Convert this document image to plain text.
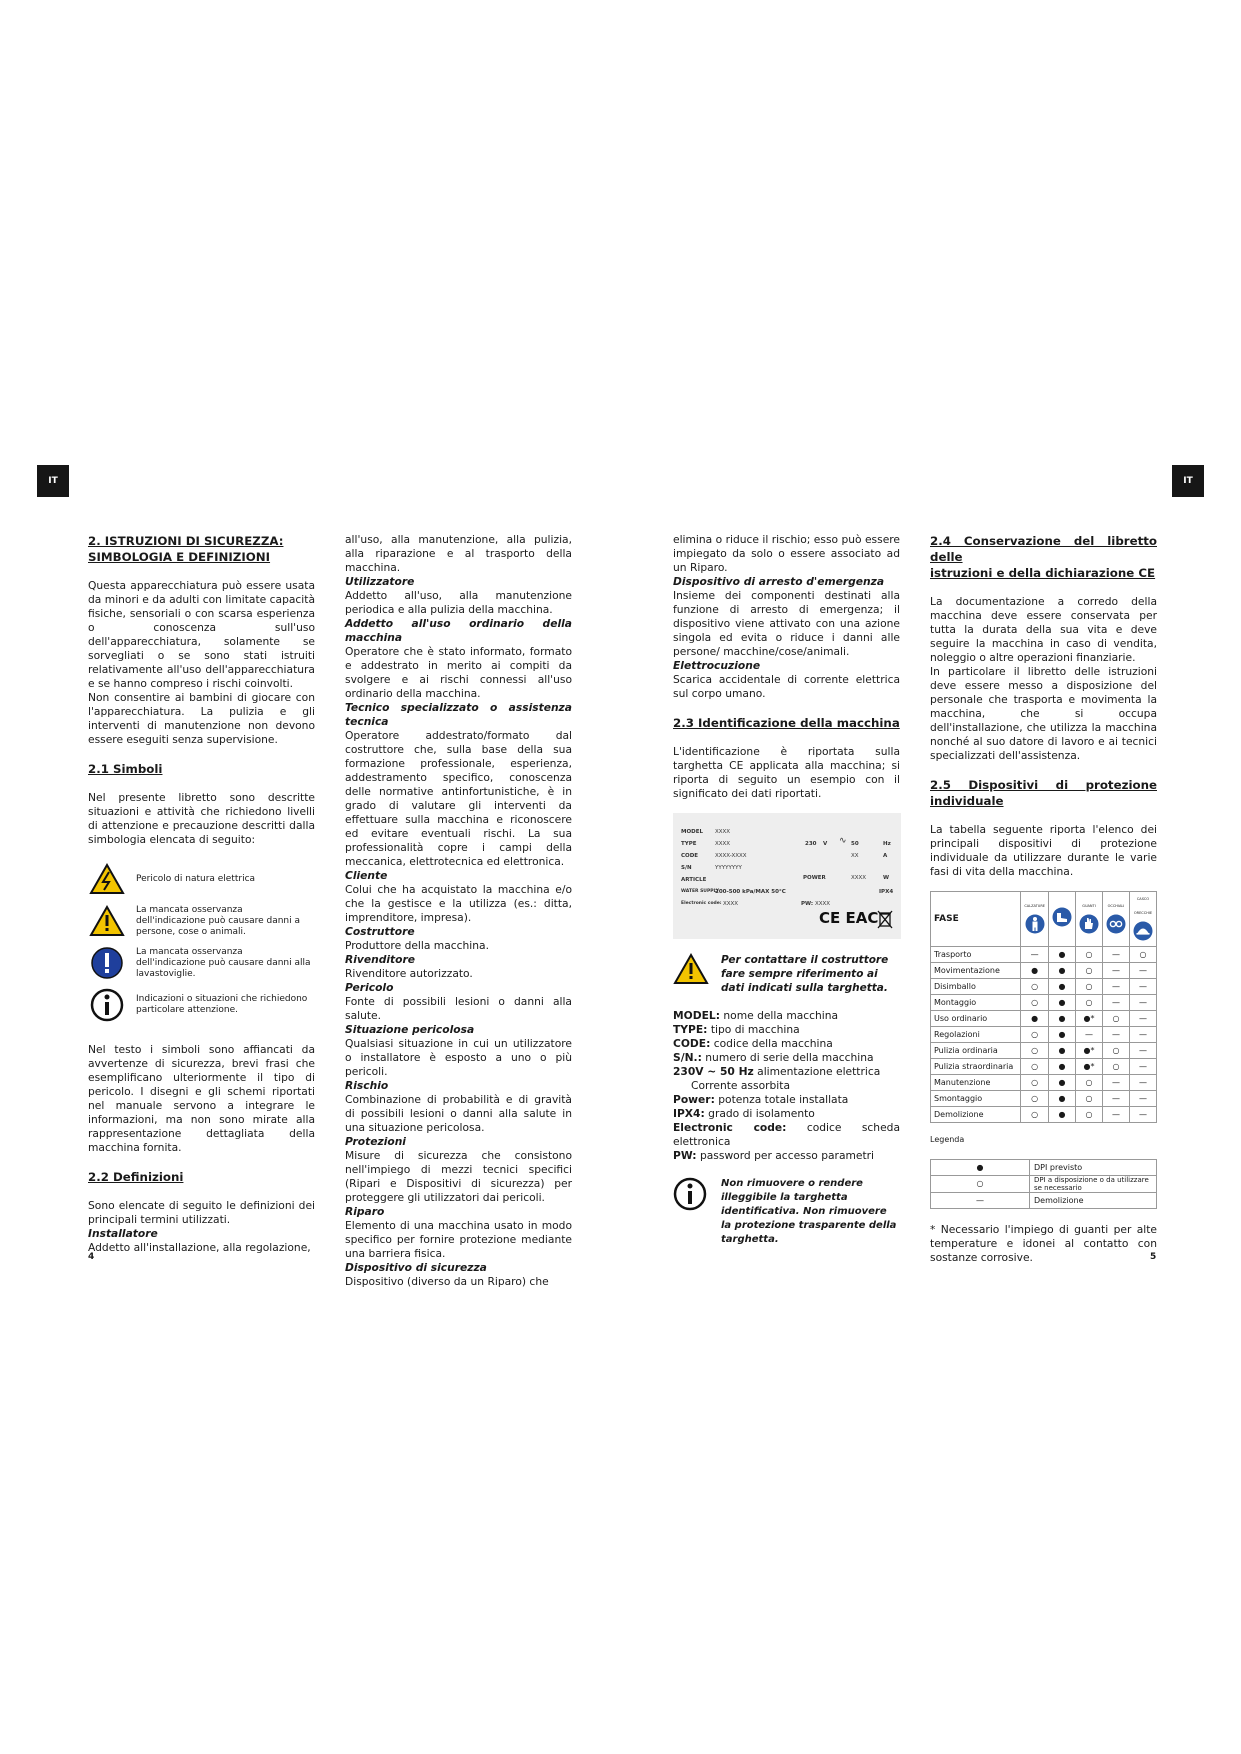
IT	IT

2. ISTRUZIONI DI SICUREZZA:

SIMBOLOGIA E DEFINIZIONI

Questa apparecchiatura può essere usata da minori e da adulti con limitate capacità fisiche, sensoriali o con scarsa esperienza o conoscenza sull'uso dell'apparecchiatura, solamente se sorvegliati o se sono stati istruiti relativamente all'uso dell'apparecchiatura e se hanno compreso i rischi coinvolti.

Non consentire ai bambini di giocare con l'apparecchiatura. La pulizia e gli interventi di manutenzione non devono essere eseguiti senza supervisione.

2.1 Simboli

Nel presente libretto sono descritte situazioni e attività che richiedono livelli di attenzione e precauzione descritti dalla simbologia elencata di seguito:

Pericolo di natura elettrica
La mancata osservanza dell'indicazione può causare danni a persone, cose o animali.
La mancata osservanza dell'indicazione può causare danni alla lavastoviglie.
Indicazioni o situazioni che richiedono particolare attenzione.

Nel testo i simboli sono affiancati da avvertenze di sicurezza, brevi frasi che esemplificano ulteriormente il tipo di pericolo. I disegni e gli schemi riportati nel manuale servono a integrare le informazioni, ma non sono mirate alla rappresentazione dettagliata della macchina fornita.

2.2 Definizioni

Sono elencate di seguito le definizioni dei principali termini utilizzati.

Installatore

Addetto all'installazione, alla regolazione,

all'uso, alla manutenzione, alla pulizia, alla riparazione e al trasporto della macchina.

Utilizzatore

Addetto all'uso, alla manutenzione periodica e alla pulizia della macchina.

Addetto all'uso ordinario della macchina

Operatore che è stato informato, formato e addestrato in merito ai compiti da svolgere e ai rischi connessi all'uso ordinario della macchina.

Tecnico specializzato o assistenza tecnica

Operatore addestrato/formato dal costruttore che, sulla base della sua formazione professionale, esperienza, addestramento specifico, conoscenza delle normative antinfortunistiche, è in grado di valutare gli interventi da effettuare sulla macchina e riconoscere ed evitare eventuali rischi. La sua professionalità copre i campi della meccanica, elettrotecnica ed elettronica.

Cliente

Colui che ha acquistato la macchina e/o che la gestisce e la utilizza (es.: ditta, imprenditore, impresa).

Costruttore

Produttore della macchina.

Rivenditore

Rivenditore autorizzato.

Pericolo

Fonte di possibili lesioni o danni alla salute.

Situazione pericolosa

Qualsiasi situazione in cui un utilizzatore o installatore è esposto a uno o più pericoli.

Rischio

Combinazione di probabilità e di gravità di possibili lesioni o danni alla salute in una situazione pericolosa.

Protezioni

Misure di sicurezza che consistono nell'impiego di mezzi tecnici specifici (Ripari e Dispositivi di sicurezza) per proteggere gli utilizzatori dai pericoli.

Riparo

Elemento di una macchina usato in modo specifico per fornire protezione mediante una barriera fisica.

Dispositivo di sicurezza

Dispositivo (diverso da un Riparo) che

elimina o riduce il rischio; esso può essere impiegato da solo o essere associato ad un Riparo.

Dispositivo di arresto d'emergenza

Insieme dei componenti destinati alla funzione di arresto di emergenza; il dispositivo viene attivato con una azione singola ed evita o riduce i danni alle persone/ macchine/cose/animali.

Elettrocuzione

Scarica accidentale di corrente elettrica sul corpo umano.

2.3 Identificazione della macchina

L'identificazione è riportata sulla targhetta CE applicata alla macchina; si riporta di seguito un esempio con il significato dei dati riportati.

MODEL XXXX
TYPE	XXXX
CODE	XXXX-XXXX
S/N	YYYYYYYY
ARTICLE
WATER SUPPLY
200-500 kPa/MAX 50°C
Electronic code: XXXX	PW: XXXX
230 V ∿ 50	Hz
XX	A
POWER	XXXX	W
IPX4
CE EAC
Per contattare il costruttore fare sempre riferimento ai dati indicati sulla targhetta.

MODEL: nome della macchina

TYPE: tipo di macchina

CODE: codice della macchina

S/N.: numero di serie della macchina

230V ~ 50 Hz alimentazione elettrica

Corrente assorbita

Power: potenza totale installata

IPX4: grado di isolamento

Electronic code: codice scheda elettronica

PW: password per accesso parametri

Non rimuovere o rendere illeggibile la targhetta identificativa. Non rimuovere la protezione trasparente della targhetta.

2.4 Conservazione del libretto delle

istruzioni e della dichiarazione CE

La documentazione a corredo della macchina deve essere conservata per tutta la durata della sua vita e deve seguire la macchina in caso di vendita, noleggio o altre operazioni finanziarie.

In particolare il libretto delle istruzioni deve essere messo a disposizione del personale che trasporta e movimenta la macchina, che si occupa dell'installazione, che utilizza la macchina nonché al suo datore di lavoro e ai tecnici specializzati dell'assistenza.

2.5 Dispositivi di protezione individuale

La tabella seguente riporta l'elenco dei principali dispositivi di protezione individuale da utilizzare durante le varie fasi di vita della macchina.

FASE	CALZATURE		GUANTI	OCCHIALI	CASCO ORECCHIE

Trasporto	—	●	○	—	○
Movimentazione	●	●	○	—	—
Disimballo	○	●	○	—	—
Montaggio	○	●	○	—	—
Uso ordinario	●	●	●*	○	—
Regolazioni	○	●	—	—	—
Pulizia ordinaria	○	●	●*	○	—
Pulizia straordinaria	○	●	●*	○	—
Manutenzione	○	●	○	—	—
Smontaggio	○	●	○	—	—
Demolizione	○	●	○	—	—

Legenda

●	DPI previsto
○	DPI a disposizione o da utilizzare se necessario
—	Demolizione

* Necessario l'impiego di guanti per alte temperature e idonei al contatto con sostanze corrosive.

4	5
